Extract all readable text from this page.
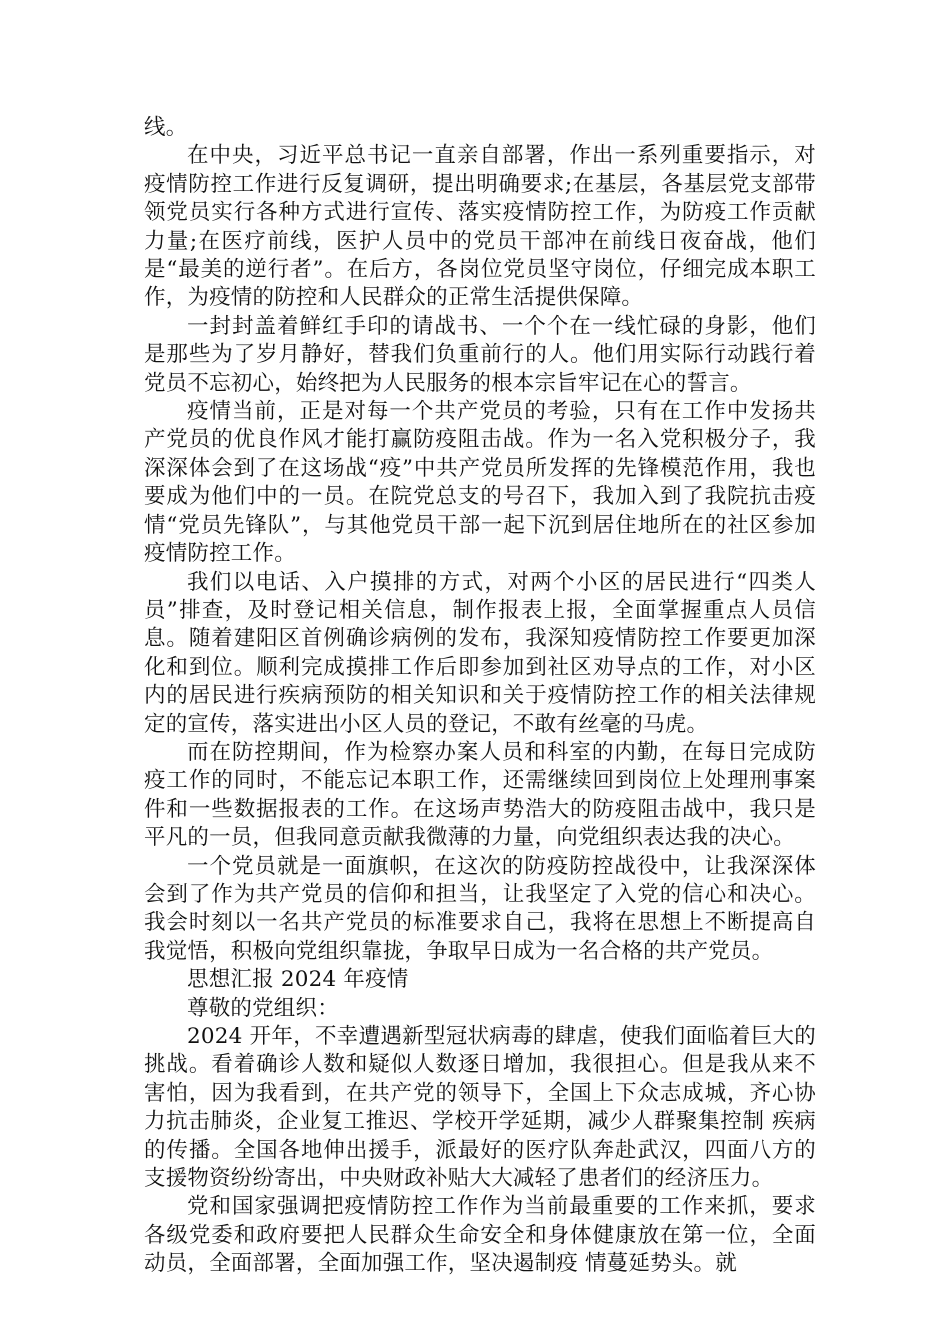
线。

在中央，习近平总书记一直亲自部署，作出一系列重要指示，对疫情防控工作进行反复调研，提出明确要求;在基层，各基层党支部带领党员实行各种方式进行宣传、落实疫情防控工作，为防疫工作贡献力量;在医疗前线，医护人员中的党员干部冲在前线日夜奋战，他们是“最美的逆行者”。在后方，各岗位党员坚守岗位，仔细完成本职工作，为疫情的防控和人民群众的正常生活提供保障。

一封封盖着鲜红手印的请战书、一个个在一线忙碌的身影，他们是那些为了岁月静好，替我们负重前行的人。他们用实际行动践行着党员不忘初心，始终把为人民服务的根本宗旨牢记在心的誓言。

疫情当前，正是对每一个共产党员的考验，只有在工作中发扬共产党员的优良作风才能打赢防疫阻击战。作为一名入党积极分子，我深深体会到了在这场战“疫”中共产党员所发挥的先锋模范作用，我也要成为他们中的一员。在院党总支的号召下，我加入到了我院抗击疫情“党员先锋队”，与其他党员干部一起下沉到居住地所在的社区参加疫情防控工作。

我们以电话、入户摸排的方式，对两个小区的居民进行“四类人员”排查，及时登记相关信息，制作报表上报，全面掌握重点人员信息。随着建阳区首例确诊病例的发布，我深知疫情防控工作要更加深化和到位。顺利完成摸排工作后即参加到社区劝导点的工作，对小区内的居民进行疾病预防的相关知识和关于疫情防控工作的相关法律规定的宣传，落实进出小区人员的登记，不敢有丝毫的马虎。

而在防控期间，作为检察办案人员和科室的内勤，在每日完成防疫工作的同时，不能忘记本职工作，还需继续回到岗位上处理刑事案件和一些数据报表的工作。在这场声势浩大的防疫阻击战中，我只是平凡的一员，但我同意贡献我微薄的力量，向党组织表达我的决心。

一个党员就是一面旗帜，在这次的防疫防控战役中，让我深深体会到了作为共产党员的信仰和担当，让我坚定了入党的信心和决心。我会时刻以一名共产党员的标准要求自己，我将在思想上不断提高自我觉悟，积极向党组织靠拢，争取早日成为一名合格的共产党员。

思想汇报 2024 年疫情

尊敬的党组织：

2024 开年，不幸遭遇新型冠状病毒的肆虐，使我们面临着巨大的挑战。看着确诊人数和疑似人数逐日增加，我很担心。但是我从来不害怕，因为我看到，在共产党的领导下，全国上下众志成城，齐心协力抗击肺炎，企业复工推迟、学校开学延期，减少人群聚集控制 疾病的传播。全国各地伸出援手，派最好的医疗队奔赴武汉，四面八方的支援物资纷纷寄出，中央财政补贴大大减轻了患者们的经济压力。

党和国家强调把疫情防控工作作为当前最重要的工作来抓，要求各级党委和政府要把人民群众生命安全和身体健康放在第一位，全面动员，全面部署，全面加强工作，坚决遏制疫 情蔓延势头。就
